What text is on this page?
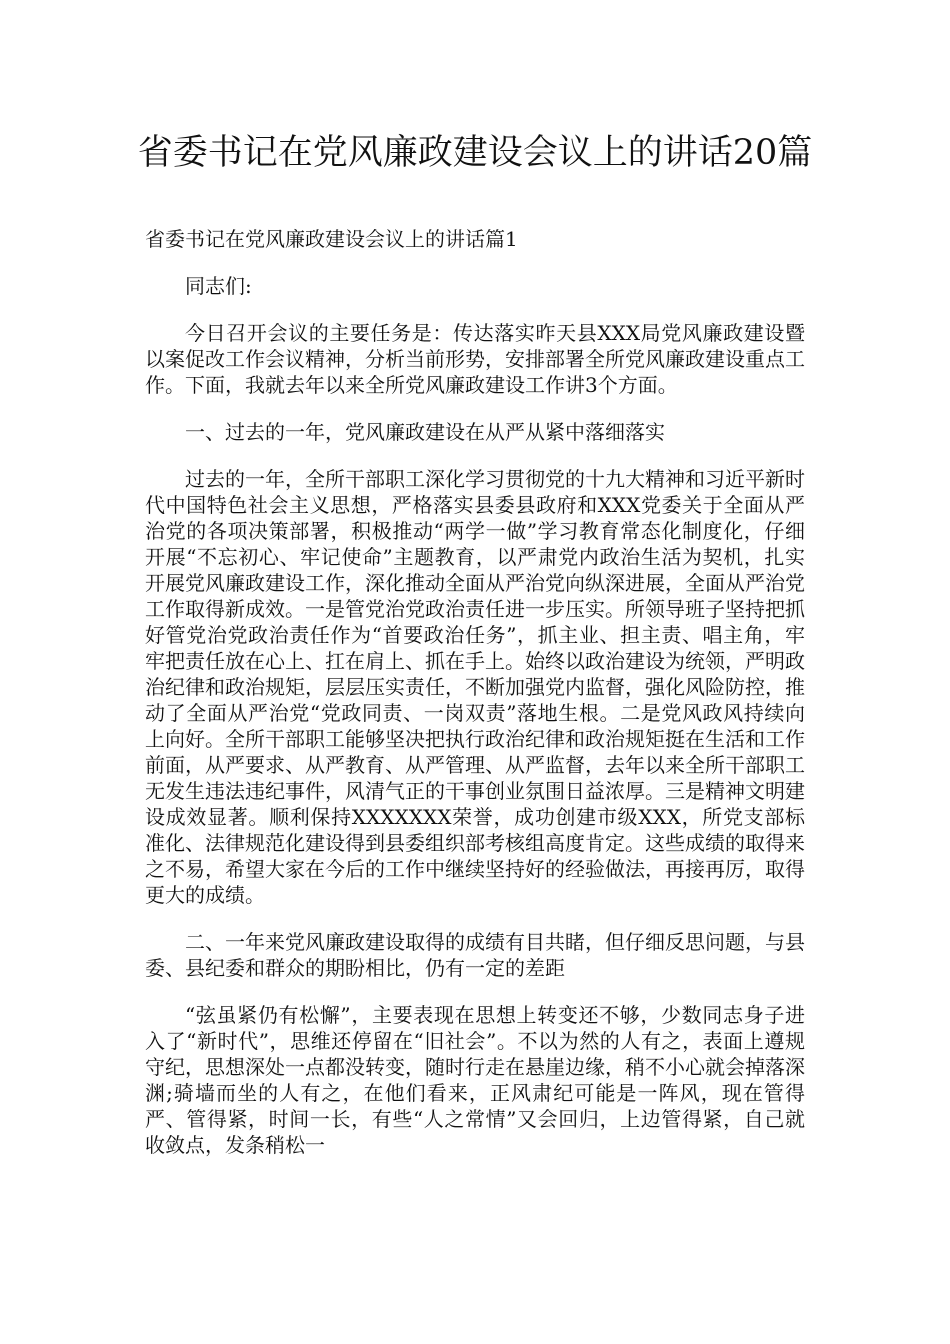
省委书记在党风廉政建设会议上的讲话20篇
省委书记在党风廉政建设会议上的讲话篇1

同志们:

今日召开会议的主要任务是：传达落实昨天县XXX局党风廉政建设暨以案促改工作会议精神，分析当前形势，安排部署全所党风廉政建设重点工作。下面，我就去年以来全所党风廉政建设工作讲3个方面。

一、过去的一年，党风廉政建设在从严从紧中落细落实

过去的一年，全所干部职工深化学习贯彻党的十九大精神和习近平新时代中国特色社会主义思想，严格落实县委县政府和XXX党委关于全面从严治党的各项决策部署，积极推动“两学一做”学习教育常态化制度化，仔细开展“不忘初心、牢记使命”主题教育，以严肃党内政治生活为契机，扎实开展党风廉政建设工作，深化推动全面从严治党向纵深进展，全面从严治党工作取得新成效。一是管党治党政治责任进一步压实。所领导班子坚持把抓好管党治党政治责任作为“首要政治任务”，抓主业、担主责、唱主角，牢牢把责任放在心上、扛在肩上、抓在手上。始终以政治建设为统领，严明政治纪律和政治规矩，层层压实责任，不断加强党内监督，强化风险防控，推动了全面从严治党“党政同责、一岗双责”落地生根。二是党风政风持续向上向好。全所干部职工能够坚决把执行政治纪律和政治规矩挺在生活和工作前面，从严要求、从严教育、从严管理、从严监督，去年以来全所干部职工无发生违法违纪事件，风清气正的干事创业氛围日益浓厚。三是精神文明建设成效显著。顺利保持XXXXXXX荣誉，成功创建市级XXX，所党支部标准化、法律规范化建设得到县委组织部考核组高度肯定。这些成绩的取得来之不易，希望大家在今后的工作中继续坚持好的经验做法，再接再厉，取得更大的成绩。

二、一年来党风廉政建设取得的成绩有目共睹，但仔细反思问题，与县委、县纪委和群众的期盼相比，仍有一定的差距

“弦虽紧仍有松懈”，主要表现在思想上转变还不够，少数同志身子进入了“新时代”，思维还停留在“旧社会”。不以为然的人有之，表面上遵规守纪，思想深处一点都没转变，随时行走在悬崖边缘，稍不小心就会掉落深渊;骑墙而坐的人有之，在他们看来，正风肃纪可能是一阵风，现在管得严、管得紧，时间一长，有些“人之常情”又会回归，上边管得紧，自己就收敛点，发条稍松一
